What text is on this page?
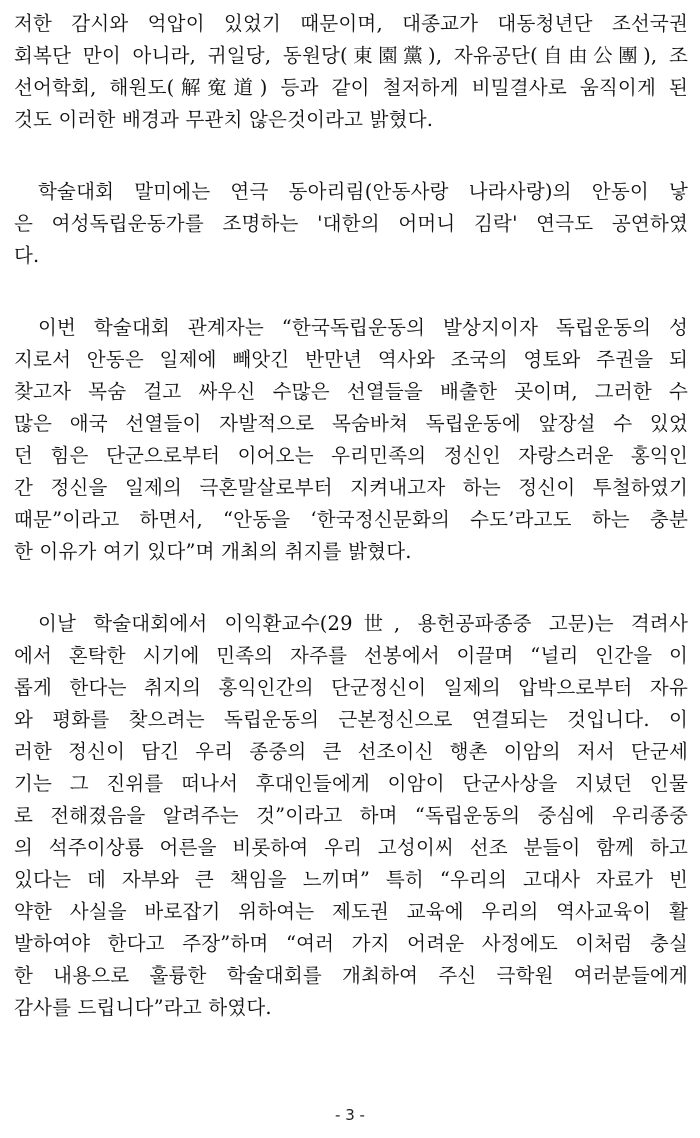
저한 감시와 억압이 있었기 때문이며, 대종교가 대동청년단 조선국권
회복단 만이 아니라, 귀일당, 동원당(東園黨), 자유공단(自由公團), 조
선어학회, 해원도(解寃道) 등과 같이 철저하게 비밀결사로 움직이게 된
것도 이러한 배경과 무관치 않은것이라고 밝혔다.
학술대회 말미에는 연극 동아리림(안동사랑 나라사랑)의 안동이 낳
은 여성독립운동가를 조명하는 '대한의 어머니 김락' 연극도 공연하였
다.
이번 학술대회 관계자는 “한국독립운동의 발상지이자 독립운동의 성
지로서 안동은 일제에 빼앗긴 반만년 역사와 조국의 영토와 주권을 되
찾고자 목숨 걸고 싸우신 수많은 선열들을 배출한 곳이며, 그러한 수
많은 애국 선열들이 자발적으로 목숨바쳐 독립운동에 앞장설 수 있었
던 힘은 단군으로부터 이어오는 우리민족의 정신인 자랑스러운 홍익인
간 정신을 일제의 극혼말살로부터 지켜내고자 하는 정신이 투철하였기
때문”이라고 하면서, “안동을 ‘한국정신문화의 수도’라고도 하는 충분
한 이유가 여기 있다”며 개최의 취지를 밝혔다.
이날 학술대회에서 이익환교수(29世, 용헌공파종중 고문)는 격려사
에서 혼탁한 시기에 민족의 자주를 선봉에서 이끌며 “널리 인간을 이
롭게 한다는 취지의 홍익인간의 단군정신이 일제의 압박으로부터 자유
와 평화를 찾으려는 독립운동의 근본정신으로 연결되는 것입니다. 이
러한 정신이 담긴 우리 종중의 큰 선조이신 행촌 이암의 저서 단군세
기는 그 진위를 떠나서 후대인들에게 이암이 단군사상을 지녔던 인물
로 전해졌음을 알려주는 것”이라고 하며 “독립운동의 중심에 우리종중
의 석주이상룡 어른을 비롯하여 우리 고성이씨 선조 분들이 함께 하고
있다는 데 자부와 큰 책임을 느끼며” 특히 “우리의 고대사 자료가 빈
약한 사실을 바로잡기 위하여는 제도권 교육에 우리의 역사교육이 활
발하여야 한다고 주장”하며 “여러 가지 어려운 사정에도 이처럼 충실
한 내용으로 훌륭한 학술대회를 개최하여 주신 극학원 여러분들에게
감사를 드립니다”라고 하였다.
- 3 -
